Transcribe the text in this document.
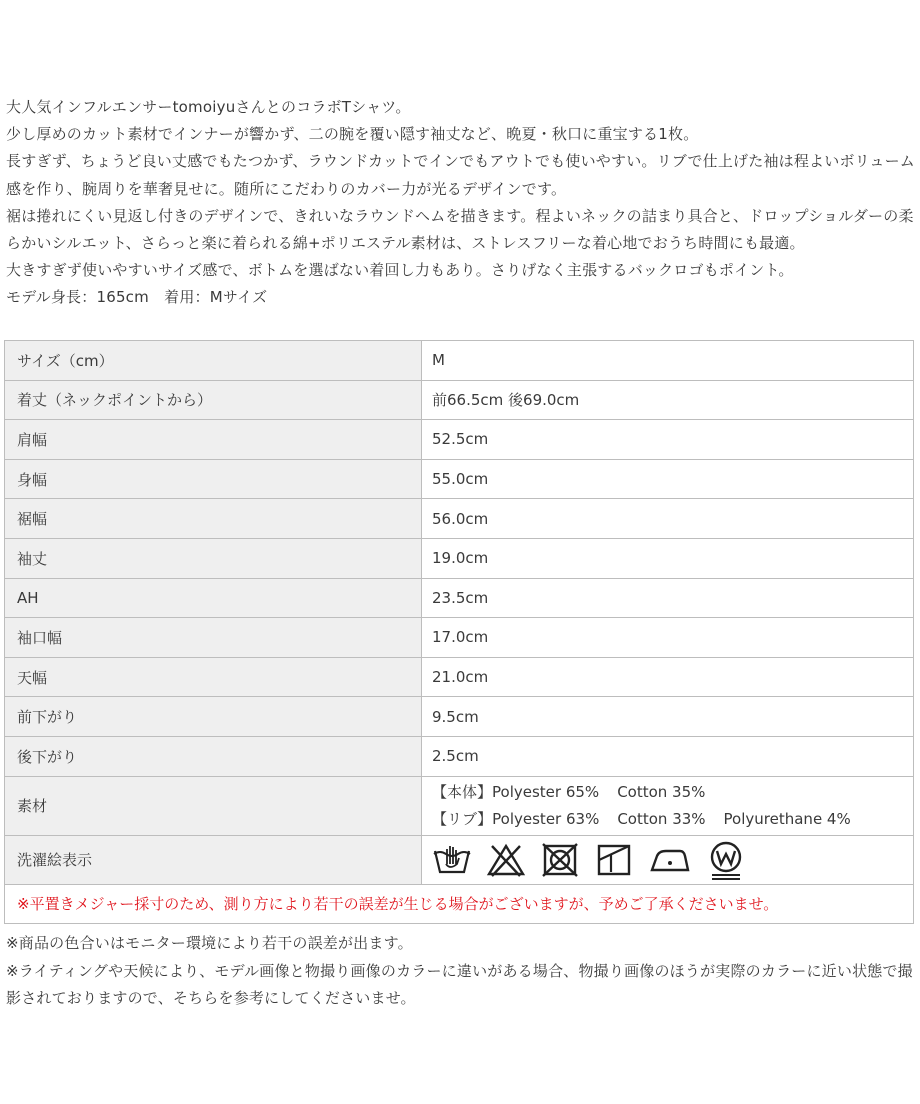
大人気インフルエンサーtomoiyuさんとのコラボTシャツ。

少し厚めのカット素材でインナーが響かず、二の腕を覆い隠す袖丈など、晩夏・秋口に重宝する1枚。

長すぎず、ちょうど良い丈感でもたつかず、ラウンドカットでインでもアウトでも使いやすい。リブで仕上げた袖は程よいボリューム感を作り、腕周りを華奢見せに。随所にこだわりのカバー力が光るデザインです。

裾は捲れにくい見返し付きのデザインで、きれいなラウンドヘムを描きます。程よいネックの詰まり具合と、ドロップショルダーの柔らかいシルエット、さらっと楽に着られる綿+ポリエステル素材は、ストレスフリーな着心地でおうち時間にも最適。

大きすぎず使いやすいサイズ感で、ボトムを選ばない着回し力もあり。さりげなく主張するバックロゴもポイント。

モデル身長：165cm　着用：Mサイズ

サイズ（cm）	M
着丈（ネックポイントから）	前66.5cm 後69.0cm
肩幅	52.5cm
身幅	55.0cm
裾幅	56.0cm
袖丈	19.0cm
AH	23.5cm
袖口幅	17.0cm
天幅	21.0cm
前下がり	9.5cm
後下がり	2.5cm
素材	【本体】Polyester 65% Cotton 35%
【リブ】Polyester 63% Cotton 33% Polyurethane 4%

洗濯絵表示	

※平置きメジャー採寸のため、測り方により若干の誤差が生じる場合がございますが、予めご了承くださいませ。	

※商品の色合いはモニター環境により若干の誤差が出ます。

※ライティングや天候により、モデル画像と物撮り画像のカラーに違いがある場合、物撮り画像のほうが実際のカラーに近い状態で撮影されておりますので、そちらを参考にしてくださいませ。
